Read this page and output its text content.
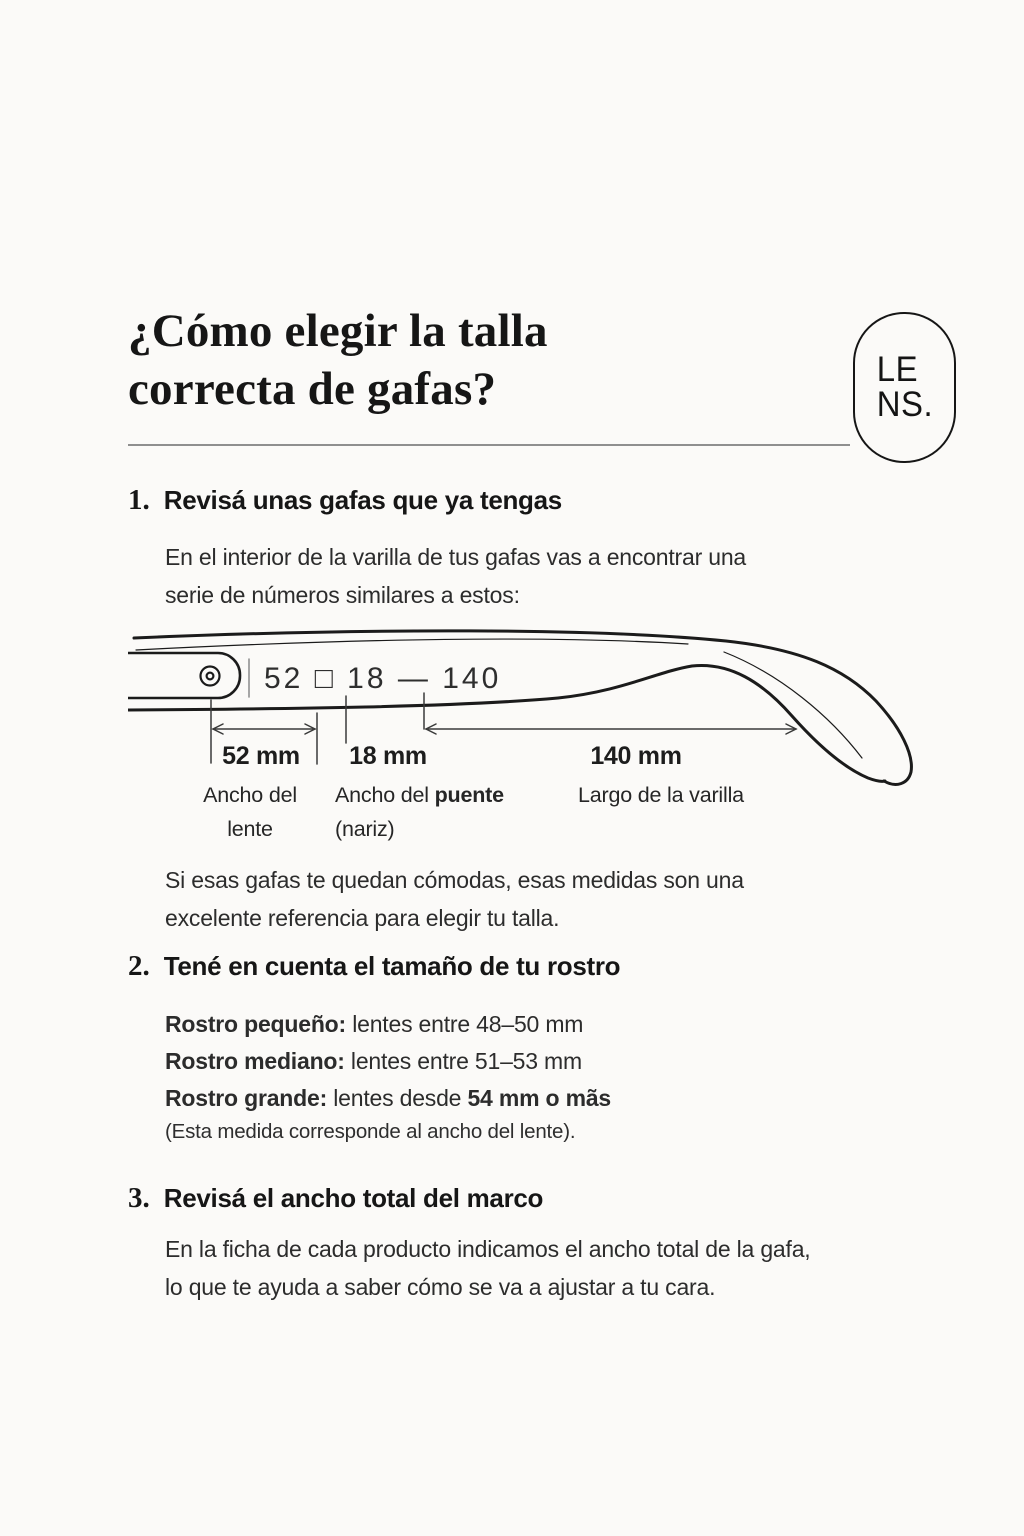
¿Cómo elegir la talla
correcta de gafas?	LE
NS.
1. Revisá unas gafas que ya tengas
En el interior de la varilla de tus gafas vas a encontrar una
serie de números similares a estos:
52 □ 18 — 140
52 mm
Ancho del
lente
18 mm
Ancho del puente
(nariz)
140 mm
Largo de la varilla
Si esas gafas te quedan cómodas, esas medidas son una
excelente referencia para elegir tu talla.
2. Tené en cuenta el tamaño de tu rostro
Rostro pequeño: lentes entre 48–50 mm
Rostro mediano: lentes entre 51–53 mm
Rostro grande: lentes desde 54 mm o mãs
(Esta medida corresponde al ancho del lente).
3. Revisá el ancho total del marco
En la ficha de cada producto indicamos el ancho total de la gafa,
lo que te ayuda a saber cómo se va a ajustar a tu cara.
